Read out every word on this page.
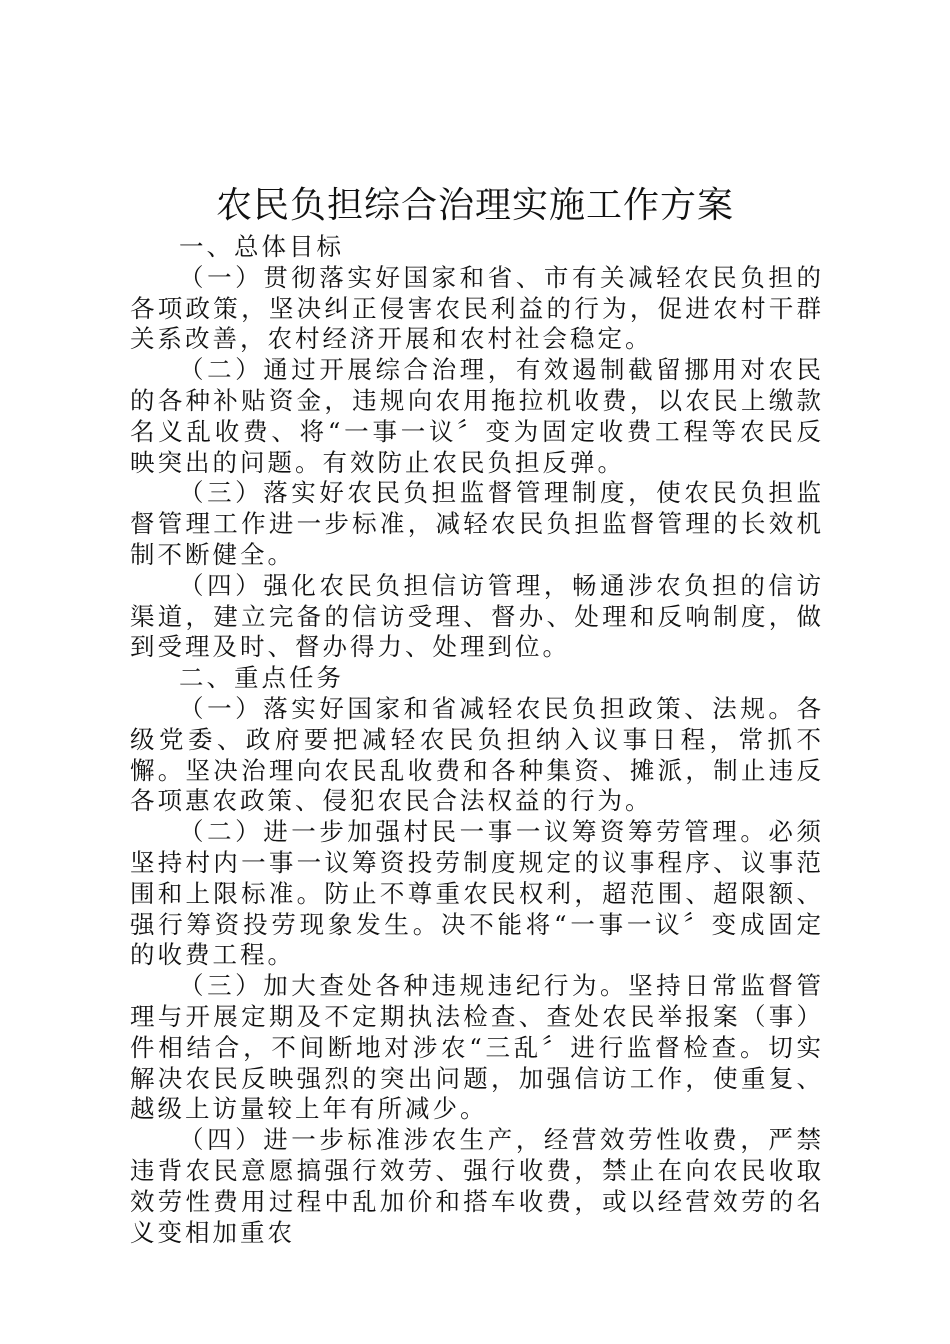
农民负担综合治理实施工作方案

一、总体目标

（一）贯彻落实好国家和省、市有关减轻农民负担的各项政策，坚决纠正侵害农民利益的行为，促进农村干群关系改善，农村经济开展和农村社会稳定。

（二）通过开展综合治理，有效遏制截留挪用对农民的各种补贴资金，违规向农用拖拉机收费，以农民上缴款名义乱收费、将“一事一议〞变为固定收费工程等农民反映突出的问题。有效防止农民负担反弹。

（三）落实好农民负担监督管理制度，使农民负担监督管理工作进一步标准，减轻农民负担监督管理的长效机制不断健全。

（四）强化农民负担信访管理，畅通涉农负担的信访渠道，建立完备的信访受理、督办、处理和反响制度，做到受理及时、督办得力、处理到位。

二、重点任务

（一）落实好国家和省减轻农民负担政策、法规。各级党委、政府要把减轻农民负担纳入议事日程，常抓不懈。坚决治理向农民乱收费和各种集资、摊派，制止违反各项惠农政策、侵犯农民合法权益的行为。

（二）进一步加强村民一事一议筹资筹劳管理。必须坚持村内一事一议筹资投劳制度规定的议事程序、议事范围和上限标准。防止不尊重农民权利，超范围、超限额、强行筹资投劳现象发生。决不能将“一事一议〞变成固定的收费工程。

（三）加大查处各种违规违纪行为。坚持日常监督管理与开展定期及不定期执法检查、查处农民举报案（事）件相结合，不间断地对涉农“三乱〞进行监督检查。切实解决农民反映强烈的突出问题，加强信访工作，使重复、越级上访量较上年有所减少。

（四）进一步标准涉农生产，经营效劳性收费，严禁违背农民意愿搞强行效劳、强行收费，禁止在向农民收取效劳性费用过程中乱加价和搭车收费，或以经营效劳的名义变相加重农
